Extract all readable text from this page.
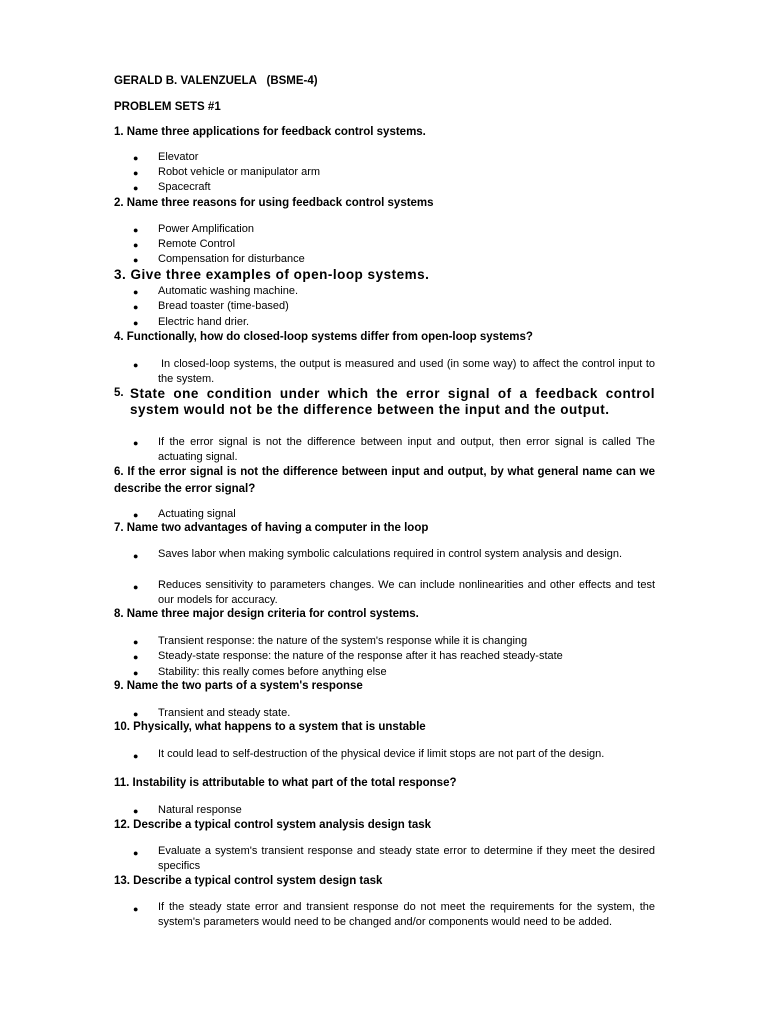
GERALD B. VALENZUELA (BSME-4)
PROBLEM SETS #1
1. Name three applications for feedback control systems.
● Elevator
● Robot vehicle or manipulator arm
● Spacecraft
2. Name three reasons for using feedback control systems
● Power Amplification
● Remote Control
● Compensation for disturbance
3. Give three examples of open-loop systems.
● Automatic washing machine.
● Bread toaster (time-based)
● Electric hand drier.
4. Functionally, how do closed-loop systems differ from open-loop systems?
● In closed-loop systems, the output is measured and used (in some way) to affect the control input to the system.
5. State one condition under which the error signal of a feedback control system would not be the difference between the input and the output.
● If the error signal is not the difference between input and output, then error signal is called The actuating signal.
6. If the error signal is not the difference between input and output, by what general name can we describe the error signal?
● Actuating signal
7. Name two advantages of having a computer in the loop
● Saves labor when making symbolic calculations required in control system analysis and design.
● Reduces sensitivity to parameters changes. We can include nonlinearities and other effects and test our models for accuracy.
8. Name three major design criteria for control systems.
● Transient response: the nature of the system's response while it is changing
● Steady-state response: the nature of the response after it has reached steady-state
● Stability: this really comes before anything else
9. Name the two parts of a system's response
● Transient and steady state.
10. Physically, what happens to a system that is unstable
● It could lead to self-destruction of the physical device if limit stops are not part of the design.
11. Instability is attributable to what part of the total response?
● Natural response
12. Describe a typical control system analysis design task
● Evaluate a system's transient response and steady state error to determine if they meet the desired specifics
13. Describe a typical control system design task
● If the steady state error and transient response do not meet the requirements for the system, the system's parameters would need to be changed and/or components would need to be added.
